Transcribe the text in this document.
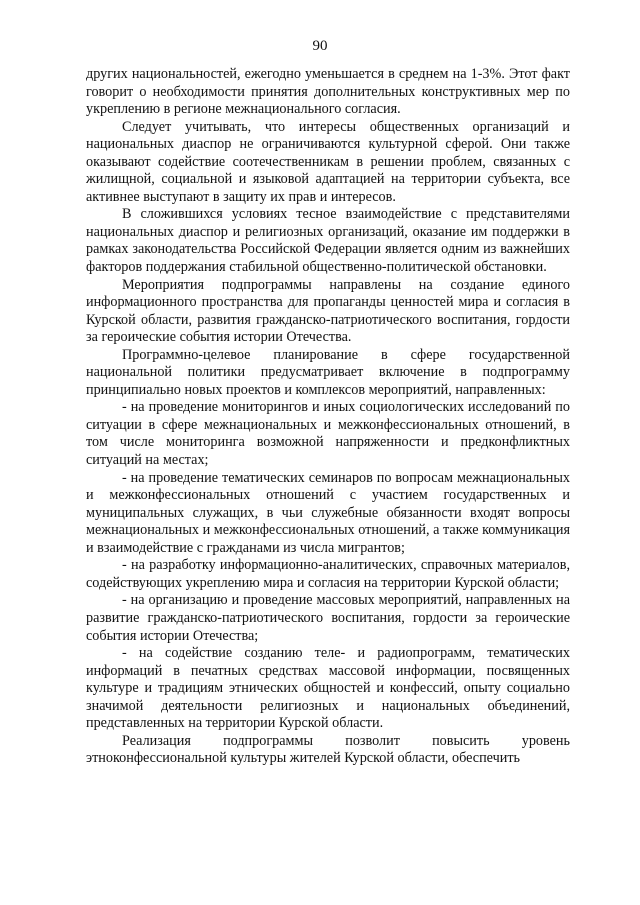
90

других национальностей, ежегодно уменьшается в среднем на 1-3%. Этот факт говорит о необходимости принятия дополнительных конструктивных мер по укреплению в регионе межнационального согласия.

Следует учитывать, что интересы общественных организаций и национальных диаспор не ограничиваются культурной сферой. Они также оказывают содействие соотечественникам в решении проблем, связанных с жилищной, социальной и языковой адаптацией на территории субъекта, все активнее выступают в защиту их прав и интересов.

В сложившихся условиях тесное взаимодействие с представителями национальных диаспор и религиозных организаций, оказание им поддержки в рамках законодательства Российской Федерации является одним из важнейших факторов поддержания стабильной общественно-политической обстановки.

Мероприятия подпрограммы направлены на создание единого информационного пространства для пропаганды ценностей мира и согласия в Курской области, развития гражданско-патриотического воспитания, гордости за героические события истории Отечества.

Программно-целевое планирование в сфере государственной национальной политики предусматривает включение в подпрограмму принципиально новых проектов и комплексов мероприятий, направленных:

- на проведение мониторингов и иных социологических исследований по ситуации в сфере межнациональных и межконфессиональных отношений, в том числе мониторинга возможной напряженности и предконфликтных ситуаций на местах;

- на проведение тематических семинаров по вопросам межнациональных и межконфессиональных отношений с участием государственных и муниципальных служащих, в чьи служебные обязанности входят вопросы межнациональных и межконфессиональных отношений, а также коммуникация и взаимодействие с гражданами из числа мигрантов;

- на разработку информационно-аналитических, справочных материалов, содействующих укреплению мира и согласия на территории Курской области;

- на организацию и проведение массовых мероприятий, направленных на развитие гражданско-патриотического воспитания, гордости за героические события истории Отечества;

- на содействие созданию теле- и радиопрограмм, тематических информаций в печатных средствах массовой информации, посвященных культуре и традициям этнических общностей и конфессий, опыту социально значимой деятельности религиозных и национальных объединений, представленных на территории Курской области.

Реализация подпрограммы позволит повысить уровень этноконфессиональной культуры жителей Курской области, обеспечить
